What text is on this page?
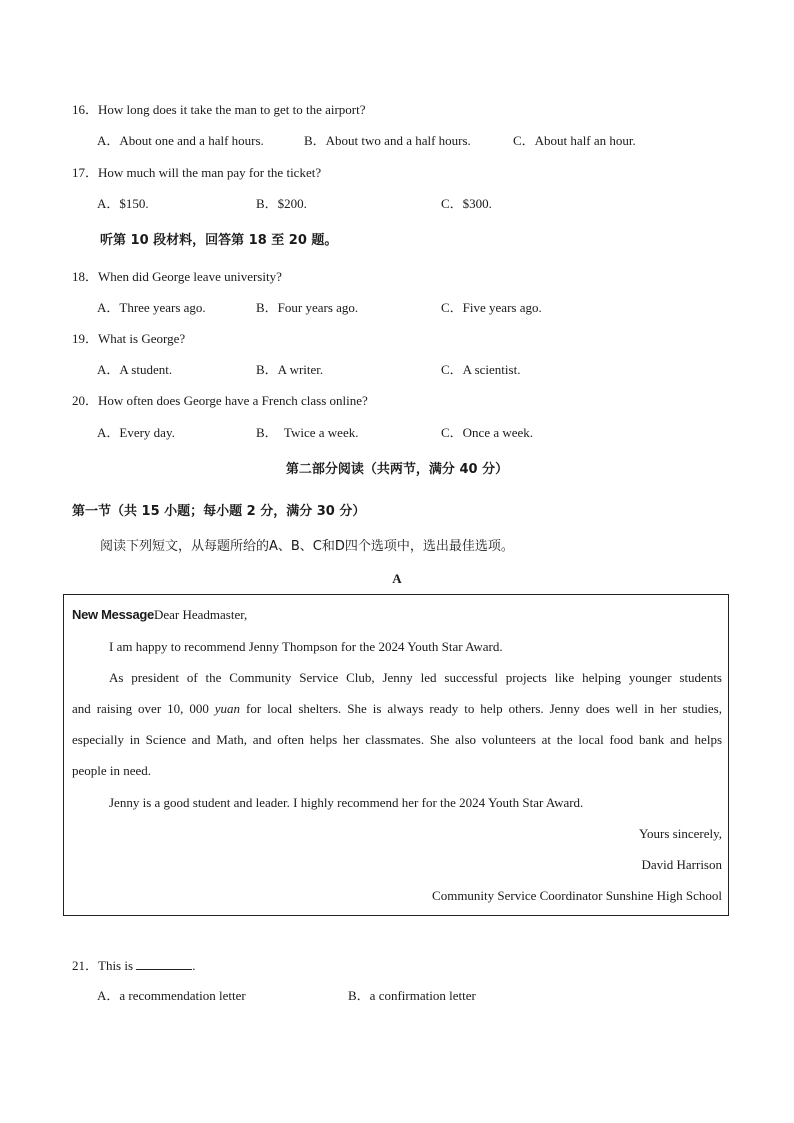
16．How long does it take the man to get to the airport?
A．About one and a half hours.	B．About two and a half hours.	C．About half an hour.
17．How much will the man pay for the ticket?
A．$150.	B．$200.	C．$300.
听第 10 段材料，回答第 18 至 20 题。
18．When did George leave university?
A．Three years ago.	B．Four years ago.	C．Five years ago.
19．What is George?
A．A student.	B．A writer.	C．A scientist.
20．How often does George have a French class online?
A．Every day.	B．  Twice a week.	C．Once a week.
第二部分阅读（共两节，满分 40 分）
第一节（共 15 小题；每小题 2 分，满分 30 分）
阅读下列短文，从每题所给的A、B、C和D四个选项中，选出最佳选项。
A
New MessageDear Headmaster,
I am happy to recommend Jenny Thompson for the 2024 Youth Star Award.
As president of the Community Service Club, Jenny led successful projects like helping younger students
and raising over 10, 000 yuan for local shelters. She is always ready to help others. Jenny does well in her studies,
especially in Science and Math, and often helps her classmates. She also volunteers at the local food bank and helps
people in need.
Jenny is a good student and leader. I highly recommend her for the 2024 Youth Star Award.
Yours sincerely,
David Harrison
Community Service Coordinator Sunshine High School
21．This is	.
A．a recommendation letter	B．a confirmation letter
